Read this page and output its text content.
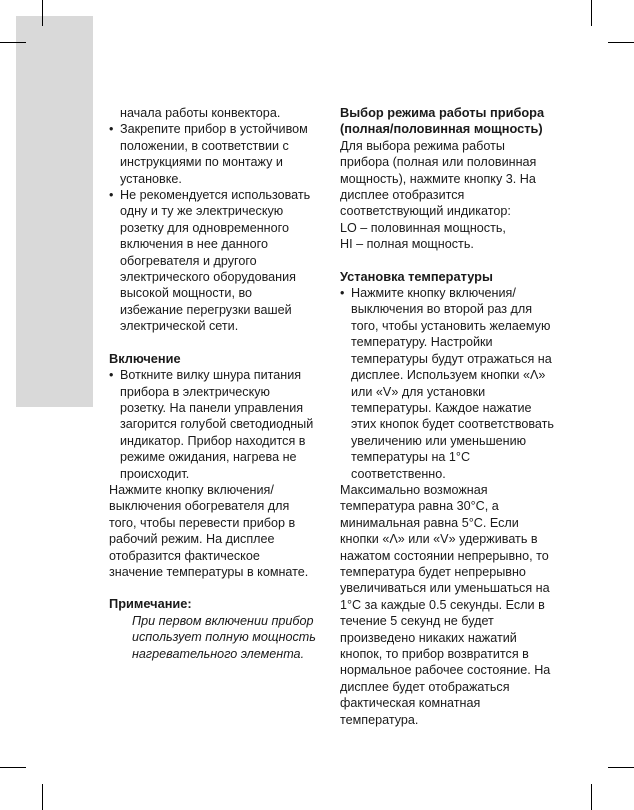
начала работы конвектора.

• Закрепите прибор в устойчивом положении, в соответствии с инструкциями по монтажу и установке.
• Не рекомендуется использовать одну и ту же электрическую розетку для одновременного включения в нее данного обогревателя и другого электрического оборудования высокой мощности, во избежание перегрузки вашей электрической сети.
Включение
• Воткните вилку шнура питания прибора в электрическую розетку. На панели управления загорится голубой светодиодный индикатор. Прибор находится в режиме ожидания, нагрева не происходит.

Нажмите кнопку включения/выключения обогревателя для того, чтобы перевести прибор в рабочий режим. На дисплее отобразится фактическое значение температуры в комнате.

Примечание:

При первом включении прибор использует полную мощность нагревательного элемента.

Выбор режима работы прибора (полная/половинная мощность)

Для выбора режима работы прибора (полная или половинная мощность), нажмите кнопку 3. На дисплее отобразится соответствующий индикатор:

LO – половинная мощность,

HI – полная мощность.

Установка температуры
• Нажмите кнопку включения/выключения во второй раз для того, чтобы установить желаемую температуру. Настройки температуры будут отражаться на дисплее. Используем кнопки «Λ» или «V» для установки температуры. Каждое нажатие этих кнопок будет соответствовать увеличению или уменьшению температуры на 1°C соответственно.

Максимально возможная температура равна 30°C, а минимальная равна 5°C. Если кнопки «Λ» или «V» удерживать в нажатом состоянии непрерывно, то температура будет непрерывно увеличиваться или уменьшаться на 1°C за каждые 0.5 секунды. Если в течение 5 секунд не будет произведено никаких нажатий кнопок, то прибор возвратится в нормальное рабочее состояние. На дисплее будет отображаться фактическая комнатная температура.
